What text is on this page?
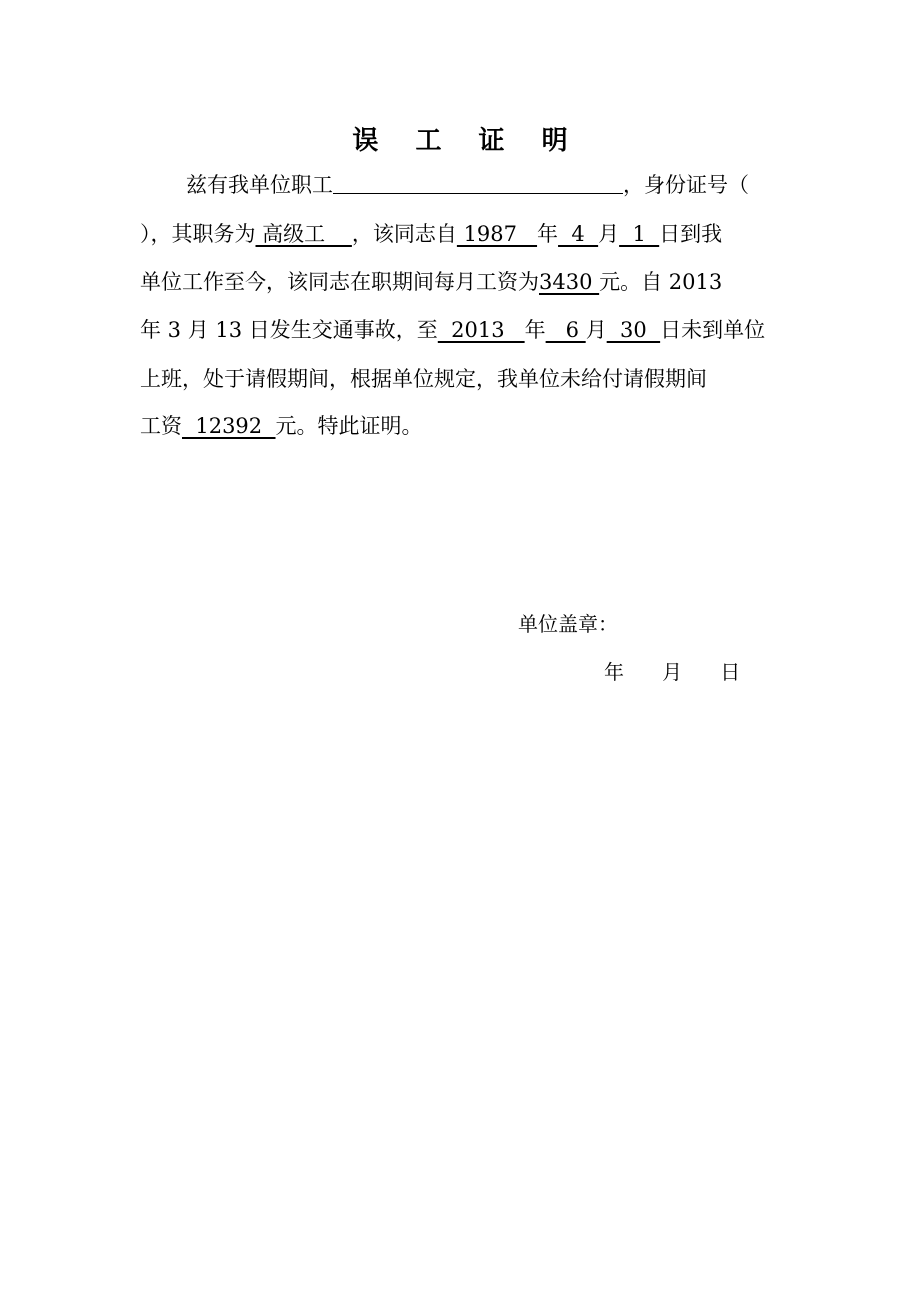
误 工 证 明
兹有我单位职工	，身份证号（
），其职务为 高级工    ，该同志自 1987   年  4  月  1  日到我
单位工作至今，该同志在职期间每月工资为3430 元。自 2013
年 3 月 13 日发生交通事故，至  2013   年   6 月  30  日未到单位
上班，处于请假期间，根据单位规定，我单位未给付请假期间
工资  12392  元。特此证明。
单位盖章：
年      月      日
